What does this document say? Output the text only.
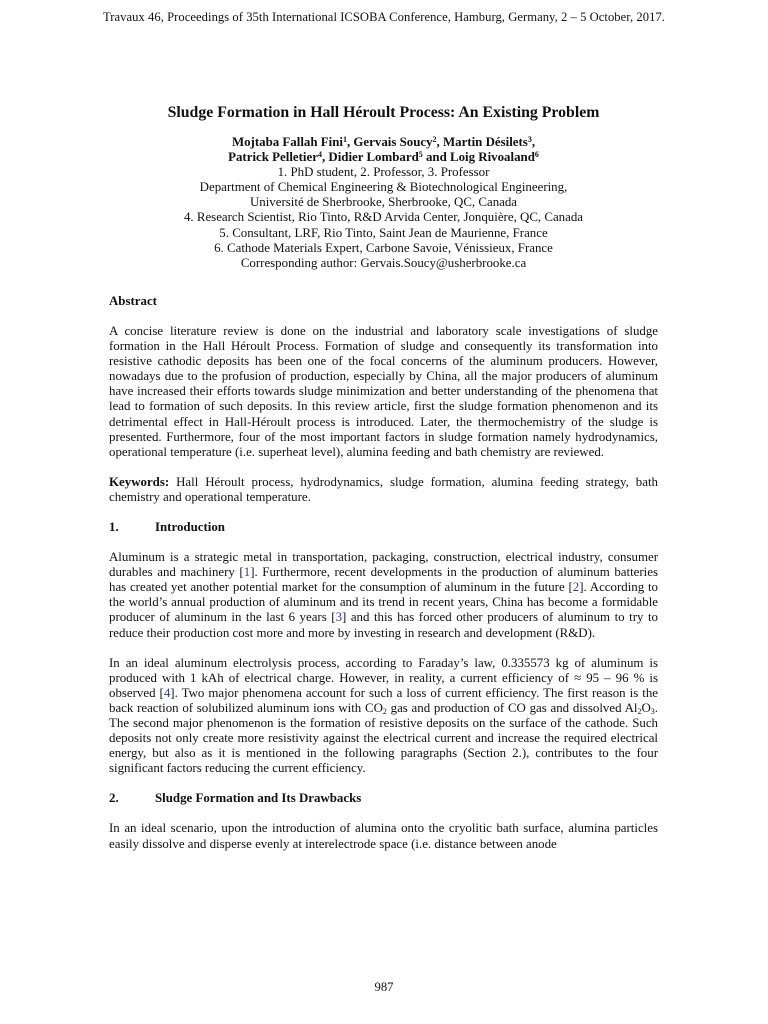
Travaux 46, Proceedings of 35th International ICSOBA Conference, Hamburg, Germany, 2 – 5 October, 2017.
Sludge Formation in Hall Héroult Process: An Existing Problem
Mojtaba Fallah Fini$^1$, Gervais Soucy$^2$, Martin Désilets$^3$,
Patrick Pelletier$^4$, Didier Lombard$^5$ and Loig Rivoaland$^6$
1. PhD student, 2. Professor, 3. Professor
Department of Chemical Engineering & Biotechnological Engineering,
Université de Sherbrooke, Sherbrooke, QC, Canada
4. Research Scientist, Rio Tinto, R&D Arvida Center, Jonquière, QC, Canada
5. Consultant, LRF, Rio Tinto, Saint Jean de Maurienne, France
6. Cathode Materials Expert, Carbone Savoie, Vénissieux, France
Corresponding author: Gervais.Soucy@usherbrooke.ca
Abstract

A concise literature review is done on the industrial and laboratory scale investigations of sludge formation in the Hall Héroult Process. Formation of sludge and consequently its transformation into resistive cathodic deposits has been one of the focal concerns of the aluminum producers. However, nowadays due to the profusion of production, especially by China, all the major producers of aluminum have increased their efforts towards sludge minimization and better understanding of the phenomena that lead to formation of such deposits. In this review article, first the sludge formation phenomenon and its detrimental effect in Hall-Héroult process is introduced. Later, the thermochemistry of the sludge is presented. Furthermore, four of the most important factors in sludge formation namely hydrodynamics, operational temperature (i.e. superheat level), alumina feeding and bath chemistry are reviewed.

Keywords: Hall Héroult process, hydrodynamics, sludge formation, alumina feeding strategy, bath chemistry and operational temperature.

1.	Introduction

Aluminum is a strategic metal in transportation, packaging, construction, electrical industry, consumer durables and machinery [1]. Furthermore, recent developments in the production of aluminum batteries has created yet another potential market for the consumption of aluminum in the future [2]. According to the world’s annual production of aluminum and its trend in recent years, China has become a formidable producer of aluminum in the last 6 years [3] and this has forced other producers of aluminum to try to reduce their production cost more and more by investing in research and development (R&D).

In an ideal aluminum electrolysis process, according to Faraday’s law, 0.335573 kg of aluminum is produced with 1 kAh of electrical charge. However, in reality, a current efficiency of ≈ 95 – 96 % is observed [4]. Two major phenomena account for such a loss of current efficiency. The first reason is the back reaction of solubilized aluminum ions with $CO_2$ gas and production of CO gas and dissolved $Al_2O_3$. The second major phenomenon is the formation of resistive deposits on the surface of the cathode. Such deposits not only create more resistivity against the electrical current and increase the required electrical energy, but also as it is mentioned in the following paragraphs (Section 2.), contributes to the four significant factors reducing the current efficiency.

2.	Sludge Formation and Its Drawbacks

In an ideal scenario, upon the introduction of alumina onto the cryolitic bath surface, alumina particles easily dissolve and disperse evenly at interelectrode space (i.e. distance between anode

987
